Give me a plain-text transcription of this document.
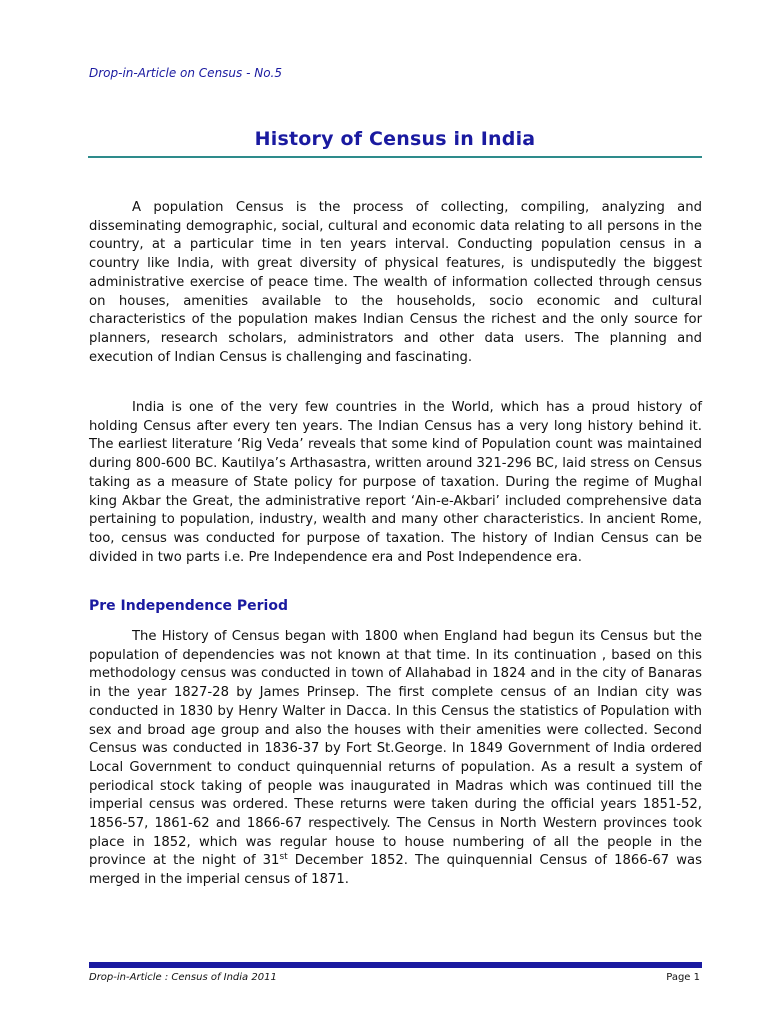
Drop-in-Article on Census - No.5
History of Census in India

A population Census is the process of collecting, compiling, analyzing and disseminating demographic, social, cultural and economic data relating to all persons in the country, at a particular time in ten years interval. Conducting population census in a country like India, with great diversity of physical features, is undisputedly the biggest administrative exercise of peace time. The wealth of information collected through census on houses, amenities available to the households, socio economic and cultural characteristics of the population makes Indian Census the richest and the only source for planners, research scholars, administrators and other data users. The planning and execution of Indian Census is challenging and fascinating.

India is one of the very few countries in the World, which has a proud history of holding Census after every ten years. The Indian Census has a very long history behind it. The earliest literature ‘Rig Veda’ reveals that some kind of Population count was maintained during 800-600 BC. Kautilya’s Arthasastra, written around 321-296 BC, laid stress on Census taking as a measure of State policy for purpose of taxation. During the regime of Mughal king Akbar the Great, the administrative report ‘Ain-e-Akbari’ included comprehensive data pertaining to population, industry, wealth and many other characteristics. In ancient Rome, too, census was conducted for purpose of taxation. The history of Indian Census can be divided in two parts i.e. Pre Independence era and Post Independence era.

Pre Independence Period

The History of Census began with 1800 when England had begun its Census but the population of dependencies was not known at that time. In its continuation , based on this methodology census was conducted in town of Allahabad in 1824 and in the city of Banaras in the year 1827-28 by James Prinsep. The first complete census of an Indian city was conducted in 1830 by Henry Walter in Dacca. In this Census the statistics of Population with sex and broad age group and also the houses with their amenities were collected. Second Census was conducted in 1836-37 by Fort St.George. In 1849 Government of India ordered Local Government to conduct quinquennial returns of population. As a result a system of periodical stock taking of people was inaugurated in Madras which was continued till the imperial census was ordered. These returns were taken during the official years 1851-52, 1856-57, 1861-62 and 1866-67 respectively. The Census in North Western provinces took place in 1852, which was regular house to house numbering of all the people in the province at the night of 31st December 1852. The quinquennial Census of 1866-67 was merged in the imperial census of 1871.

Drop-in-Article : Census of India 2011	Page 1
